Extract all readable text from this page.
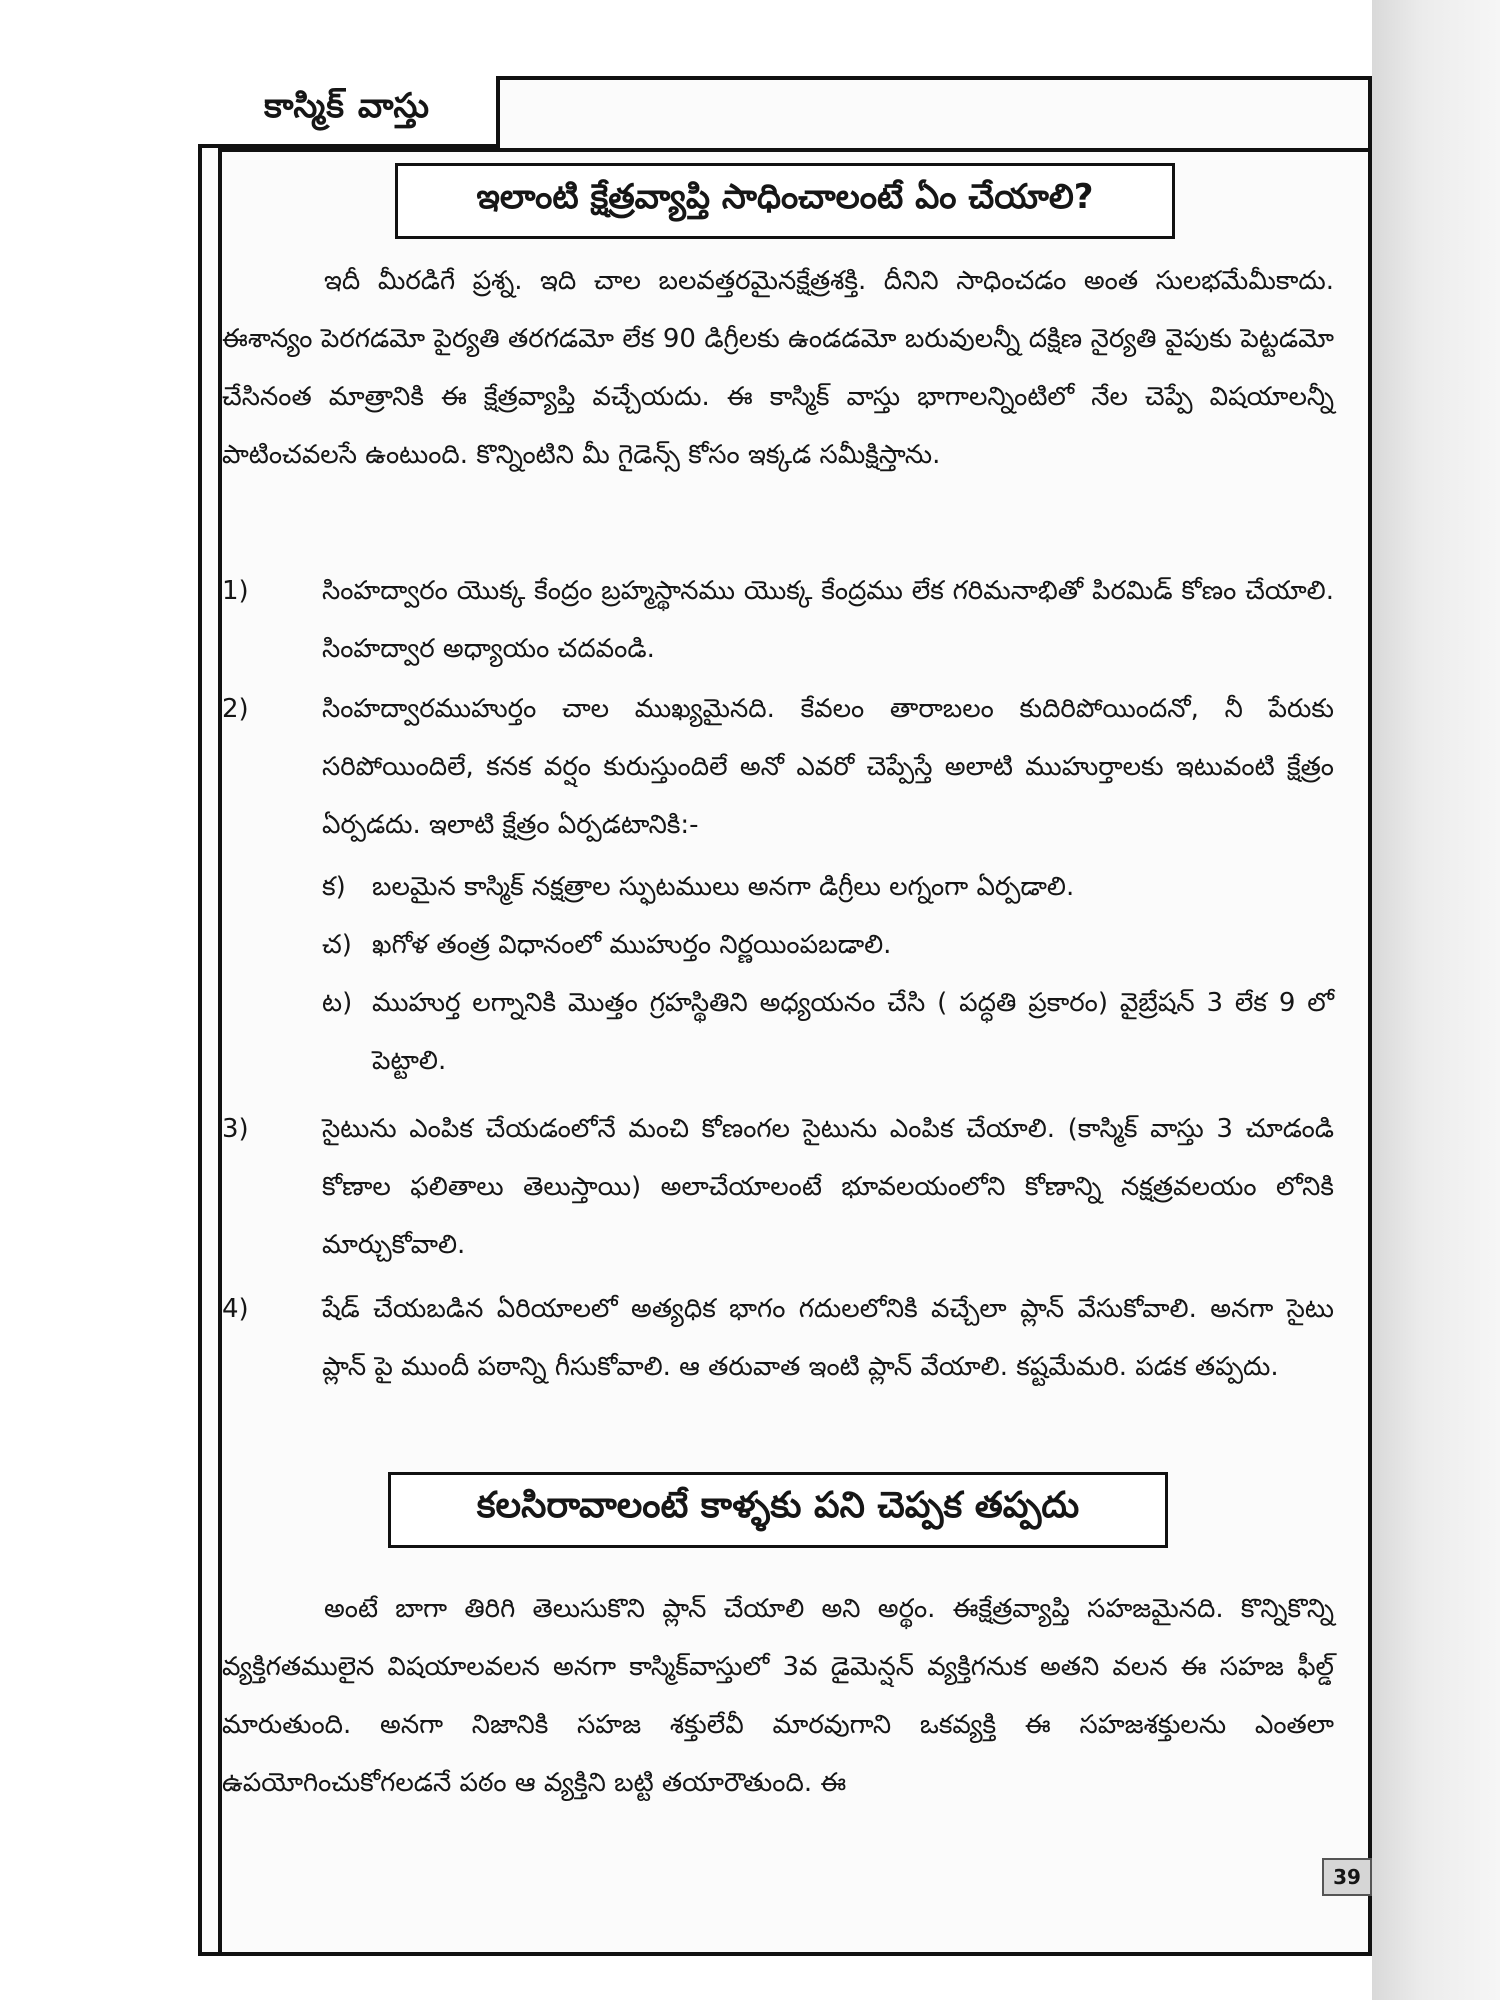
కాస్మిక్ వాస్తు
ఇలాంటి క్షేత్రవ్యాప్తి సాధించాలంటే ఏం చేయాలి?

ఇదీ మీరడిగే ప్రశ్న. ఇది చాల బలవత్తరమైనక్షేత్రశక్తి. దీనిని సాధించడం అంత సులభమేమీకాదు. ఈశాన్యం పెరగడమో పైర్యతి తరగడమో లేక 90 డిగ్రీలకు ఉండడమో బరువులన్నీ దక్షిణ నైర్యతి వైపుకు పెట్టడమో చేసినంత మాత్రానికి ఈ క్షేత్రవ్యాప్తి వచ్చేయదు. ఈ కాస్మిక్ వాస్తు భాగాలన్నింటిలో నేల చెప్పే విషయాలన్నీ పాటించవలసే ఉంటుంది. కొన్నింటిని మీ గైడెన్స్ కోసం ఇక్కడ సమీక్షిస్తాను.

1)	సింహద్వారం యొక్క కేంద్రం బ్రహ్మస్థానము యొక్క కేంద్రము లేక గరిమనాభితో పిరమిడ్ కోణం చేయాలి. సింహద్వార అధ్యాయం చదవండి.
2)	సింహద్వారముహుర్తం చాల ముఖ్యమైనది. కేవలం తారాబలం కుదిరిపోయిందనో, నీ పేరుకు సరిపోయిందిలే, కనక వర్షం కురుస్తుందిలే అనో ఎవరో చెప్పేస్తే అలాటి ముహుర్తాలకు ఇటువంటి క్షేత్రం ఏర్పడదు. ఇలాటి క్షేత్రం ఏర్పడటానికి:-
క)	బలమైన కాస్మిక్ నక్షత్రాల స్ఫుటములు అనగా డిగ్రీలు లగ్నంగా ఏర్పడాలి.
చ) ఖగోళ తంత్ర విధానంలో ముహుర్తం నిర్ణయింపబడాలి.
ట) ముహుర్త లగ్నానికి మొత్తం గ్రహస్థితిని అధ్యయనం చేసి ( పద్ధతి ప్రకారం) వైబ్రేషన్ 3 లేక 9 లో పెట్టాలి.
3)	సైటును ఎంపిక చేయడంలోనే మంచి కోణంగల సైటును ఎంపిక చేయాలి. (కాస్మిక్ వాస్తు 3 చూడండి కోణాల ఫలితాలు తెలుస్తాయి) అలాచేయాలంటే భూవలయంలోని కోణాన్ని నక్షత్రవలయం లోనికి మార్చుకోవాలి.
4)	షేడ్ చేయబడిన ఏరియాలలో అత్యధిక భాగం గదులలోనికి వచ్చేలా ప్లాన్ వేసుకోవాలి. అనగా సైటు ప్లాన్ పై ముందీ పఠాన్ని గీసుకోవాలి. ఆ తరువాత ఇంటి ప్లాన్ వేయాలి. కష్టమేమరి. పడక తప్పదు.
కలసిరావాలంటే కాళ్ళకు పని చెప్పక తప్పదు

అంటే బాగా తిరిగి తెలుసుకొని ప్లాన్ చేయాలి అని అర్థం. ఈక్షేత్రవ్యాప్తి సహజమైనది. కొన్నికొన్ని వ్యక్తిగతములైన విషయాలవలన అనగా కాస్మిక్‌వాస్తులో 3వ డైమెన్షన్ వ్యక్తిగనుక అతని వలన ఈ సహజ ఫీల్డ్ మారుతుంది. అనగా నిజానికి సహజ శక్తులేవీ మారవుగాని ఒకవ్యక్తి ఈ సహజశక్తులను ఎంతలా ఉపయోగించుకోగలడనే పఠం ఆ వ్యక్తిని బట్టి తయారౌతుంది. ఈ

39
